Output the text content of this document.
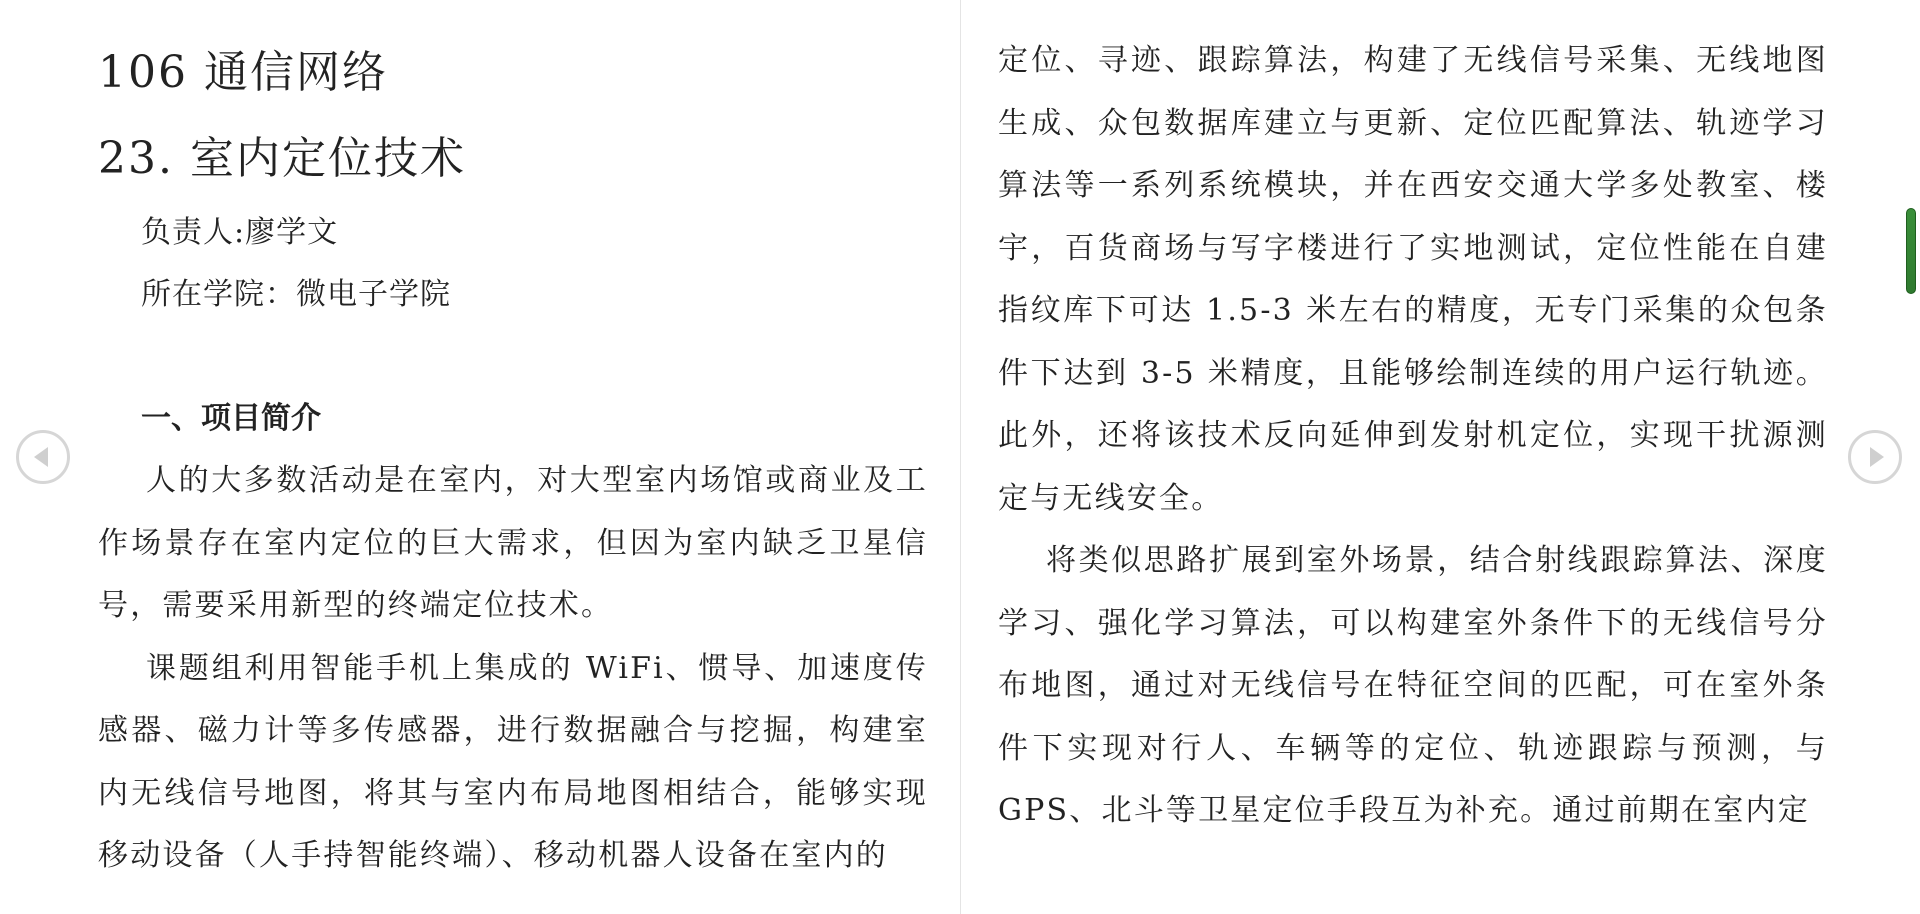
106 通信网络
23. 室内定位技术

负责人:廖学文

所在学院：微电子学院

一、项目简介

人的大多数活动是在室内，对大型室内场馆或商业及工作场景存在室内定位的巨大需求，但因为室内缺乏卫星信号，需要采用新型的终端定位技术。

课题组利用智能手机上集成的 WiFi、惯导、加速度传感器、磁力计等多传感器，进行数据融合与挖掘，构建室内无线信号地图，将其与室内布局地图相结合，能够实现移动设备（人手持智能终端）、移动机器人设备在室内的

定位、寻迹、跟踪算法，构建了无线信号采集、无线地图生成、众包数据库建立与更新、定位匹配算法、轨迹学习算法等一系列系统模块，并在西安交通大学多处教室、楼宇，百货商场与写字楼进行了实地测试，定位性能在自建指纹库下可达 1.5-3 米左右的精度，无专门采集的众包条件下达到 3-5 米精度，且能够绘制连续的用户运行轨迹。此外，还将该技术反向延伸到发射机定位，实现干扰源测定与无线安全。

将类似思路扩展到室外场景，结合射线跟踪算法、深度学习、强化学习算法，可以构建室外条件下的无线信号分布地图，通过对无线信号在特征空间的匹配，可在室外条件下实现对行人、车辆等的定位、轨迹跟踪与预测，与 GPS、北斗等卫星定位手段互为补充。通过前期在室内定
